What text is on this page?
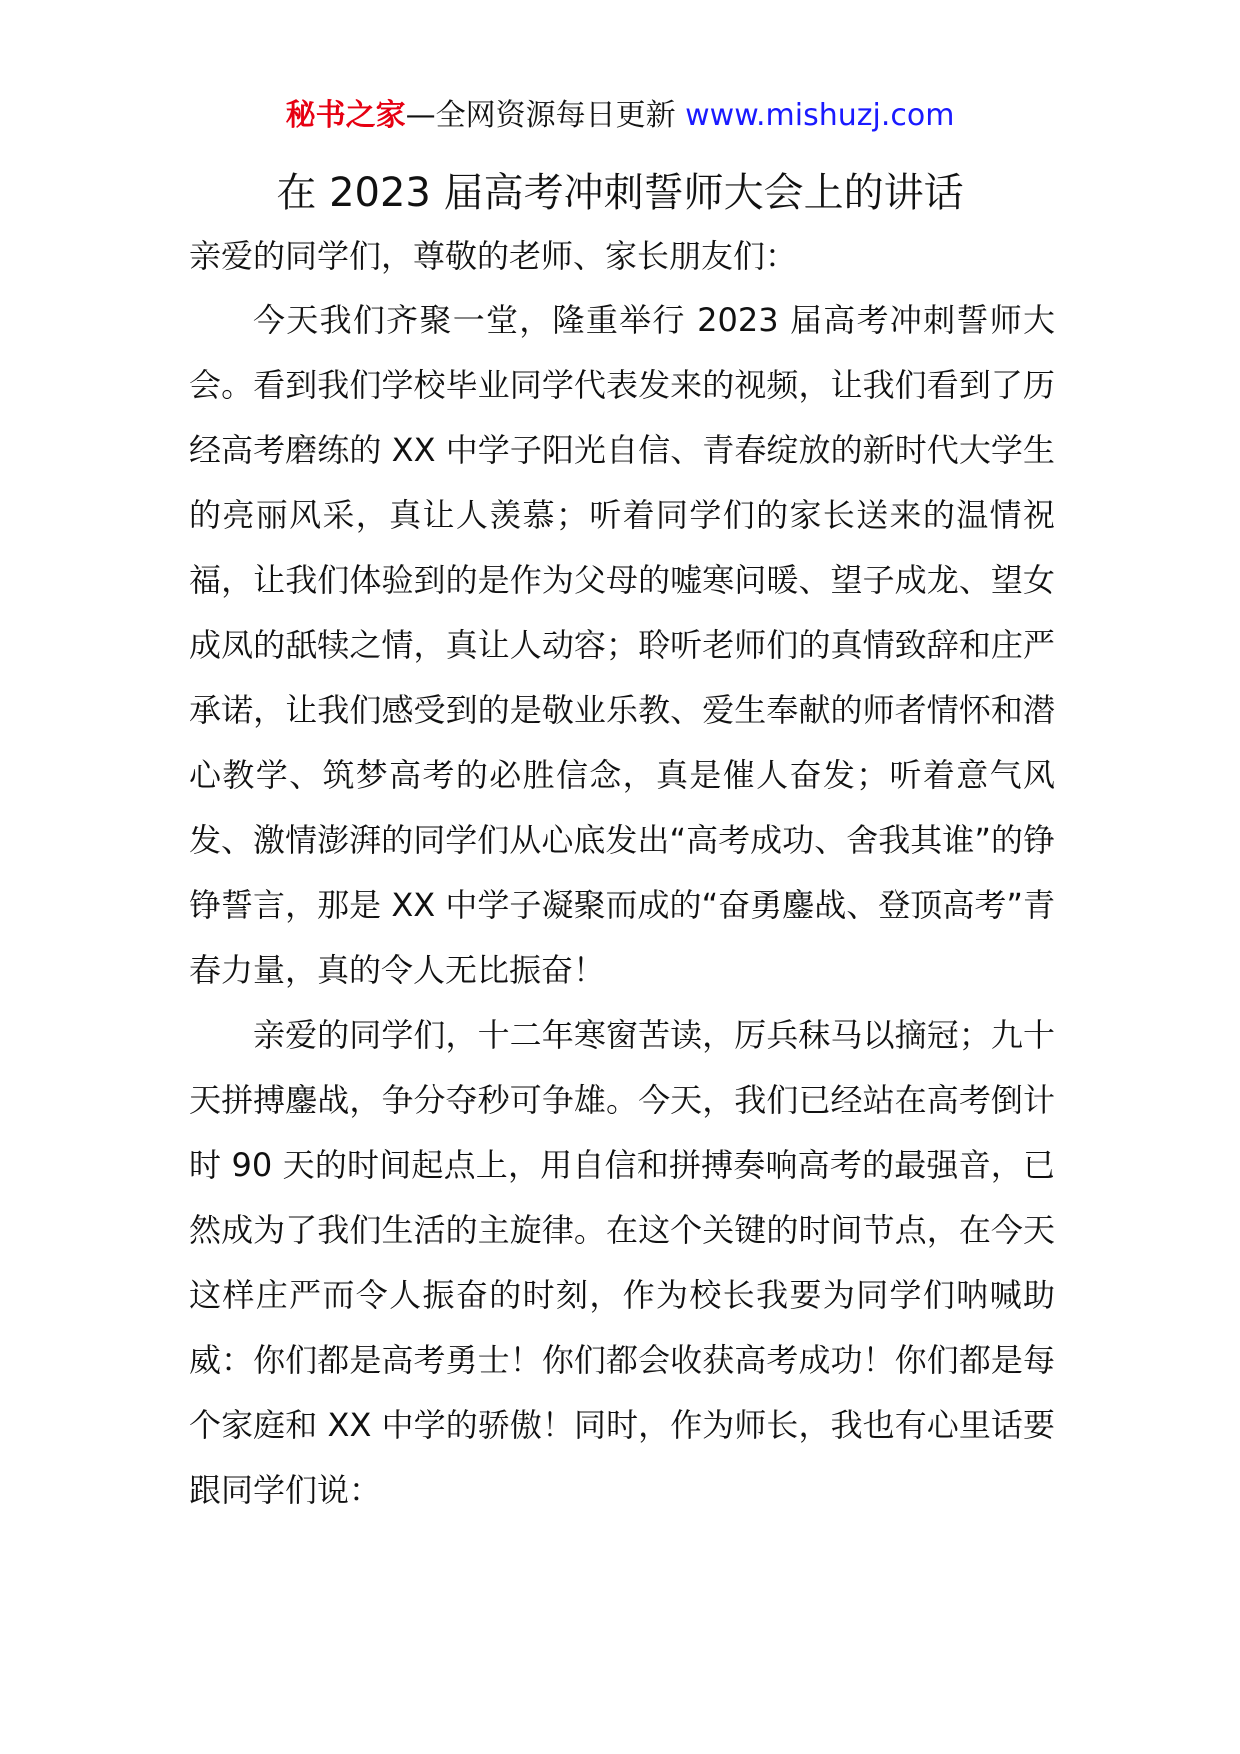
秘书之家—全网资源每日更新 www.mishuzj.com
在 2023 届高考冲刺誓师大会上的讲话
亲爱的同学们，尊敬的老师、家长朋友们：

今天我们齐聚一堂，隆重举行 2023 届高考冲刺誓师大会。看到我们学校毕业同学代表发来的视频，让我们看到了历经高考磨练的 XX 中学子阳光自信、青春绽放的新时代大学生的亮丽风采，真让人羡慕；听着同学们的家长送来的温情祝福，让我们体验到的是作为父母的嘘寒问暖、望子成龙、望女成凤的舐犊之情，真让人动容；聆听老师们的真情致辞和庄严承诺，让我们感受到的是敬业乐教、爱生奉献的师者情怀和潜心教学、筑梦高考的必胜信念，真是催人奋发；听着意气风发、激情澎湃的同学们从心底发出“高考成功、舍我其谁”的铮铮誓言，那是 XX 中学子凝聚而成的“奋勇鏖战、登顶高考”青春力量，真的令人无比振奋！

亲爱的同学们，十二年寒窗苦读，厉兵秣马以摘冠；九十天拼搏鏖战，争分夺秒可争雄。今天，我们已经站在高考倒计时 90 天的时间起点上，用自信和拼搏奏响高考的最强音，已然成为了我们生活的主旋律。在这个关键的时间节点，在今天这样庄严而令人振奋的时刻，作为校长我要为同学们呐喊助威：你们都是高考勇士！你们都会收获高考成功！你们都是每个家庭和 XX 中学的骄傲！同时，作为师长，我也有心里话要跟同学们说：
